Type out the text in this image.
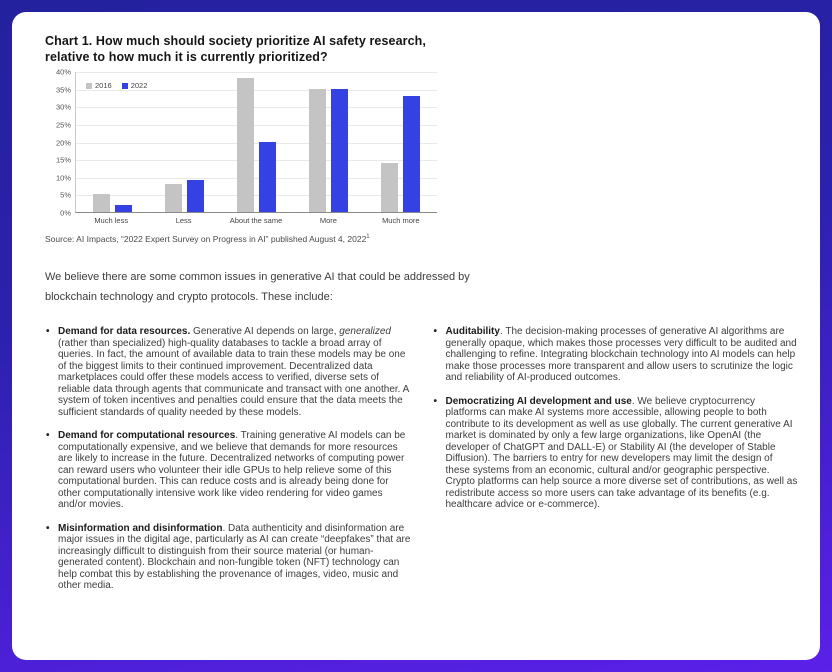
Chart 1. How much should society prioritize AI safety research, relative to how much it is currently prioritized?
0%
5%
10%
15%
20%
25%
30%
35%
40%
2016	2022
Much less	Less	About the same	More	Much more
Source: AI Impacts, “2022 Expert Survey on Progress in AI” published August 4, 2022$^1$
We believe there are some common issues in generative AI that could be addressed by blockchain technology and crypto protocols. These include:
• Demand for data resources. Generative AI depends on large, generalized (rather than specialized) high-quality databases to tackle a broad array of queries. In fact, the amount of available data to train these models may be one of the biggest limits to their continued improvement. Decentralized data marketplaces could offer these models access to verified, diverse sets of reliable data through agents that communicate and transact with one another. A system of token incentives and penalties could ensure that the data meets the sufficient standards of quality needed by these models.
• Demand for computational resources. Training generative AI models can be computationally expensive, and we believe that demands for more resources are likely to increase in the future. Decentralized networks of computing power can reward users who volunteer their idle GPUs to help relieve some of this computational burden. This can reduce costs and is already being done for other computationally intensive work like video rendering for video games and/or movies.
• Misinformation and disinformation. Data authenticity and disinformation are major issues in the digital age, particularly as AI can create “deepfakes” that are increasingly difficult to distinguish from their source material (or human-generated content). Blockchain and non-fungible token (NFT) technology can help combat this by establishing the provenance of images, video, music and other media.
• Auditability. The decision-making processes of generative AI algorithms are generally opaque, which makes those processes very difficult to be audited and challenging to refine. Integrating blockchain technology into AI models can help make those processes more transparent and allow users to scrutinize the logic and reliability of AI-produced outcomes.
• Democratizing AI development and use. We believe cryptocurrency platforms can make AI systems more accessible, allowing people to both contribute to its development as well as use globally. The current generative AI market is dominated by only a few large organizations, like OpenAI (the developer of ChatGPT and DALL-E) or Stability AI (the developer of Stable Diffusion). The barriers to entry for new developers may limit the design of these systems from an economic, cultural and/or geographic perspective. Crypto platforms can help source a more diverse set of contributions, as well as redistribute access so more users can take advantage of its benefits (e.g. healthcare advice or e-commerce).
